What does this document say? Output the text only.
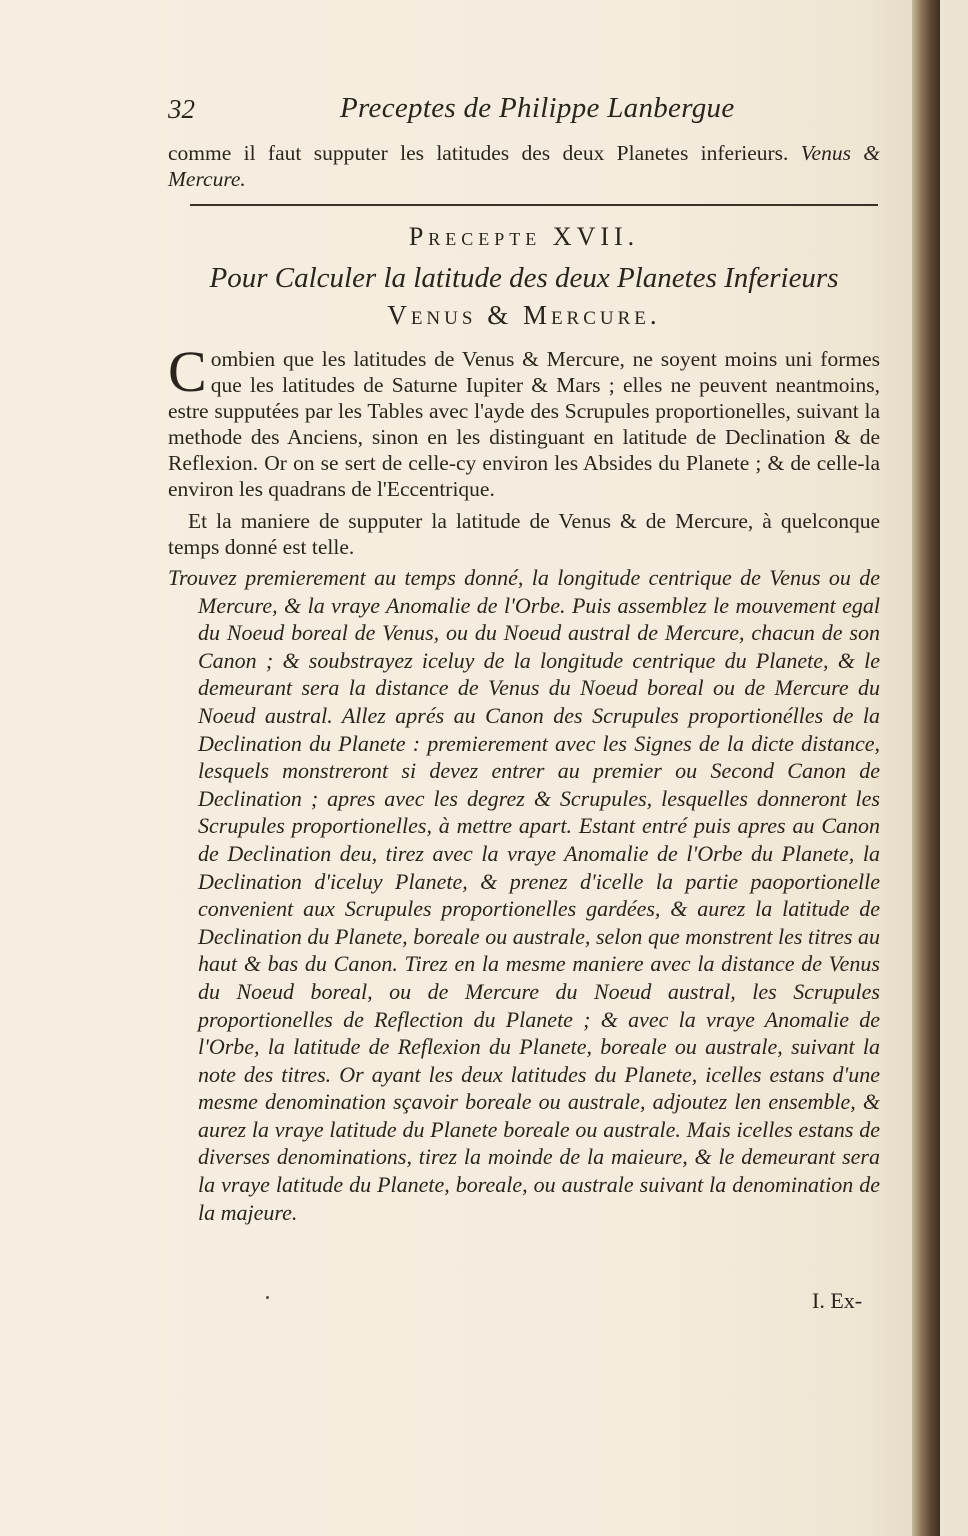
32	Preceptes de Philippe Lanbergue
comme il faut supputer les latitudes des deux Planetes inferieurs. Venus & Mercure.
Precepte XVII.
Pour Calculer la latitude des deux Planetes Inferieurs
Venus & Mercure.
Combien que les latitudes de Venus & Mercure, ne soyent moins uni formes que les latitudes de Saturne Iupiter & Mars ; elles ne peuvent neantmoins, estre supputées par les Tables avec l'ayde des Scrupules proportionelles, suivant la methode des Anciens, sinon en les distinguant en latitude de Declination & de Reflexion. Or on se sert de celle-cy environ les Absides du Planete ; & de celle-la environ les quadrans de l'Eccentrique.
Et la maniere de supputer la latitude de Venus & de Mercure, à quelconque temps donné est telle.
Trouvez premierement au temps donné, la longitude centrique de Venus ou de Mercure, & la vraye Anomalie de l'Orbe. Puis assemblez le mouvement egal du Noeud boreal de Venus, ou du Noeud austral de Mercure, chacun de son Canon ; & soubstrayez iceluy de la longitude centrique du Planete, & le demeurant sera la distance de Venus du Noeud boreal ou de Mercure du Noeud austral. Allez aprés au Canon des Scrupules proportionélles de la Declination du Planete : premierement avec les Signes de la dicte distance, lesquels monstreront si devez entrer au premier ou Second Canon de Declination ; apres avec les degrez & Scrupules, lesquelles donneront les Scrupules proportionelles, à mettre apart. Estant entré puis apres au Canon de Declination deu, tirez avec la vraye Anomalie de l'Orbe du Planete, la Declination d'iceluy Planete, & prenez d'icelle la partie paoportionelle convenient aux Scrupules proportionelles gardées, & aurez la latitude de Declination du Planete, boreale ou australe, selon que monstrent les titres au haut & bas du Canon. Tirez en la mesme maniere avec la distance de Venus du Noeud boreal, ou de Mercure du Noeud austral, les Scrupules proportionelles de Reflection du Planete ; & avec la vraye Anomalie de l'Orbe, la latitude de Reflexion du Planete, boreale ou australe, suivant la note des titres. Or ayant les deux latitudes du Planete, icelles estans d'une mesme denomination sçavoir boreale ou australe, adjoutez len ensemble, & aurez la vraye latitude du Planete boreale ou australe. Mais icelles estans de diverses denominations, tirez la moinde de la maieure, & le demeurant sera la vraye latitude du Planete, boreale, ou australe suivant la denomination de la majeure.
I. Ex-
